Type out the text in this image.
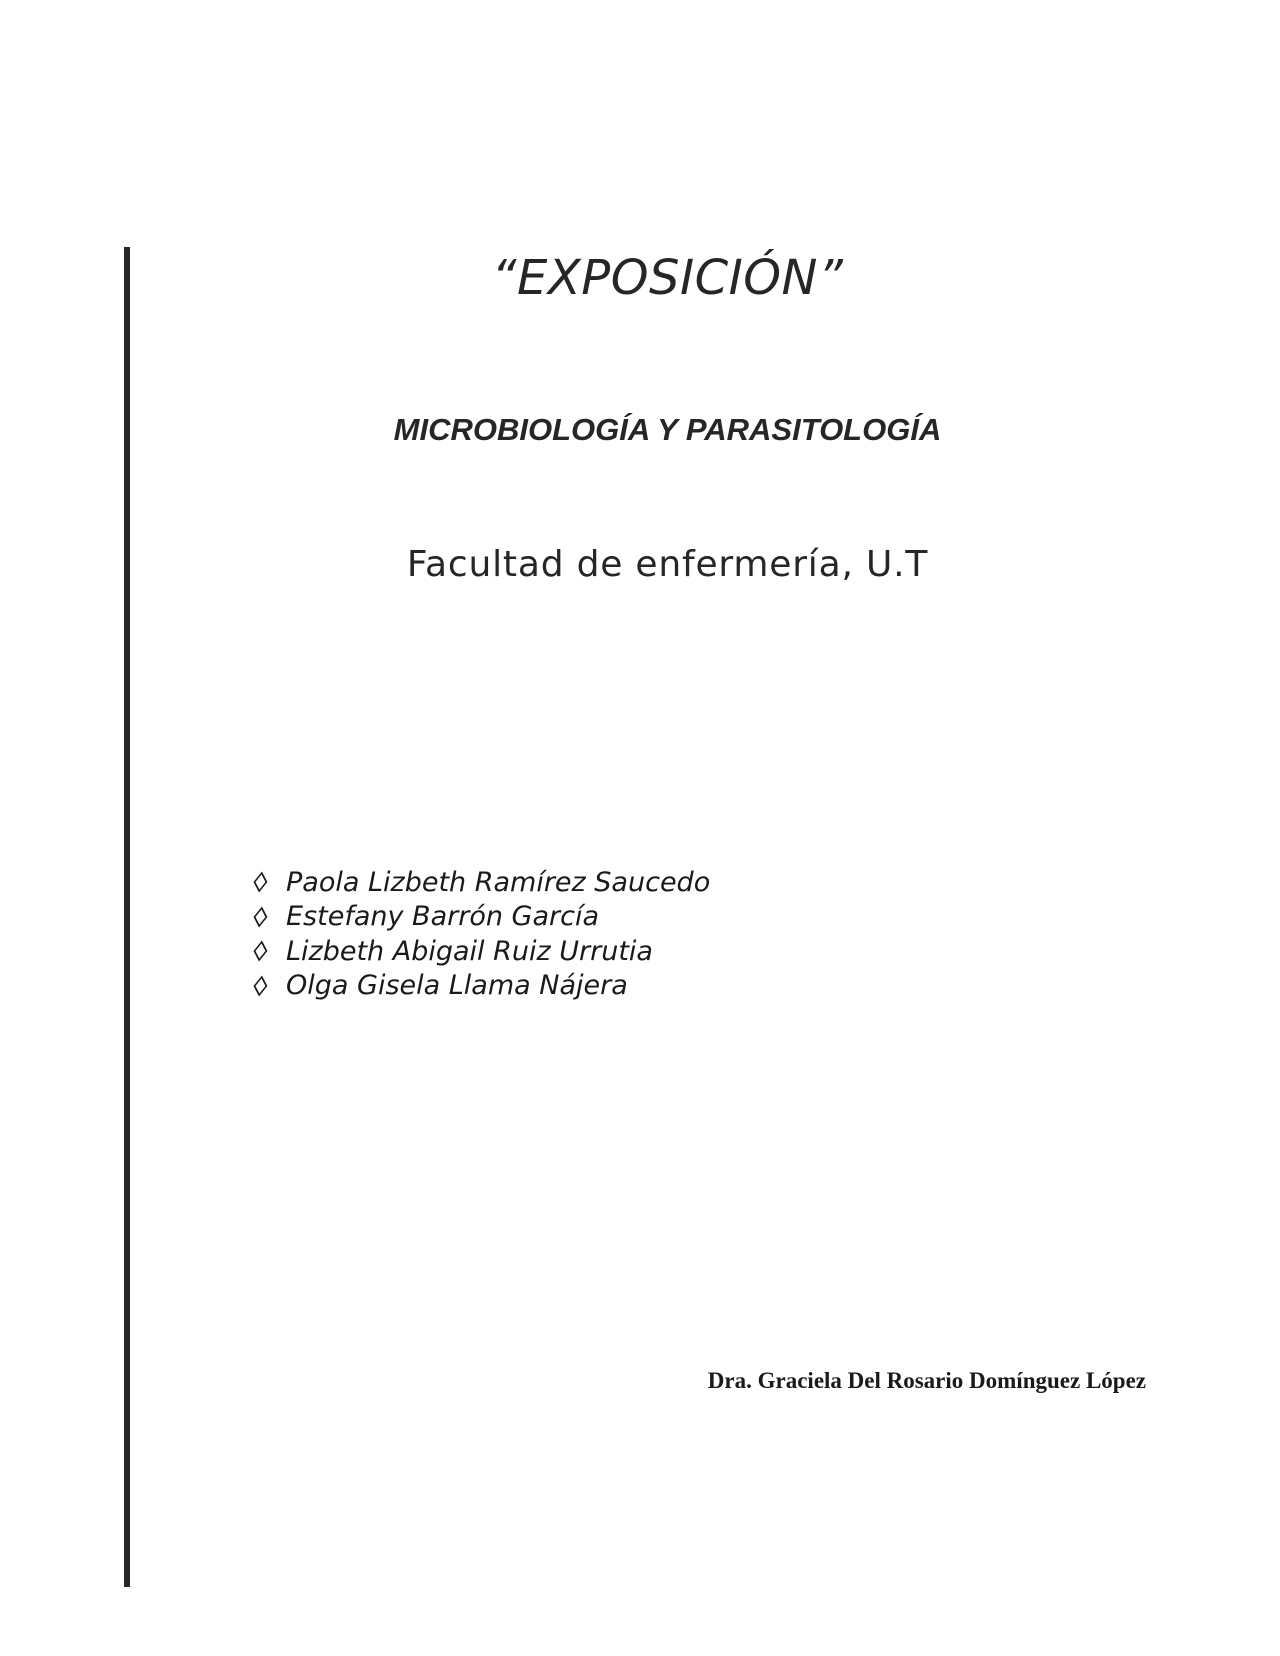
“EXPOSICIÓN”
MICROBIOLOGÍA Y PARASITOLOGÍA
Facultad de enfermería, U.T
Paola Lizbeth Ramírez Saucedo
Estefany Barrón García
Lizbeth Abigail Ruiz Urrutia
Olga Gisela Llama Nájera
Dra. Graciela Del Rosario Domínguez López
